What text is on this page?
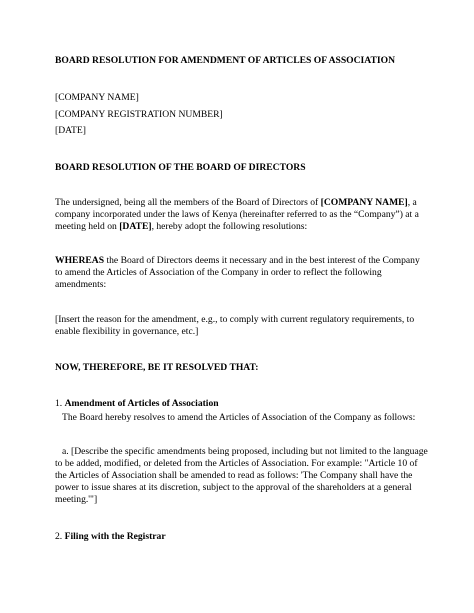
BOARD RESOLUTION FOR AMENDMENT OF ARTICLES OF ASSOCIATION
[COMPANY NAME]
[COMPANY REGISTRATION NUMBER]
[DATE]
BOARD RESOLUTION OF THE BOARD OF DIRECTORS
The undersigned, being all the members of the Board of Directors of [COMPANY NAME], a
company incorporated under the laws of Kenya (hereinafter referred to as the “Company”) at a
meeting held on [DATE], hereby adopt the following resolutions:
WHEREAS the Board of Directors deems it necessary and in the best interest of the Company
to amend the Articles of Association of the Company in order to reflect the following
amendments:
[Insert the reason for the amendment, e.g., to comply with current regulatory requirements, to
enable flexibility in governance, etc.]
NOW, THEREFORE, BE IT RESOLVED THAT:
1. Amendment of Articles of Association
The Board hereby resolves to amend the Articles of Association of the Company as follows:
a. [Describe the specific amendments being proposed, including but not limited to the language
to be added, modified, or deleted from the Articles of Association. For example: "Article 10 of
the Articles of Association shall be amended to read as follows: 'The Company shall have the
power to issue shares at its discretion, subject to the approval of the shareholders at a general
meeting.'"]
2. Filing with the Registrar
